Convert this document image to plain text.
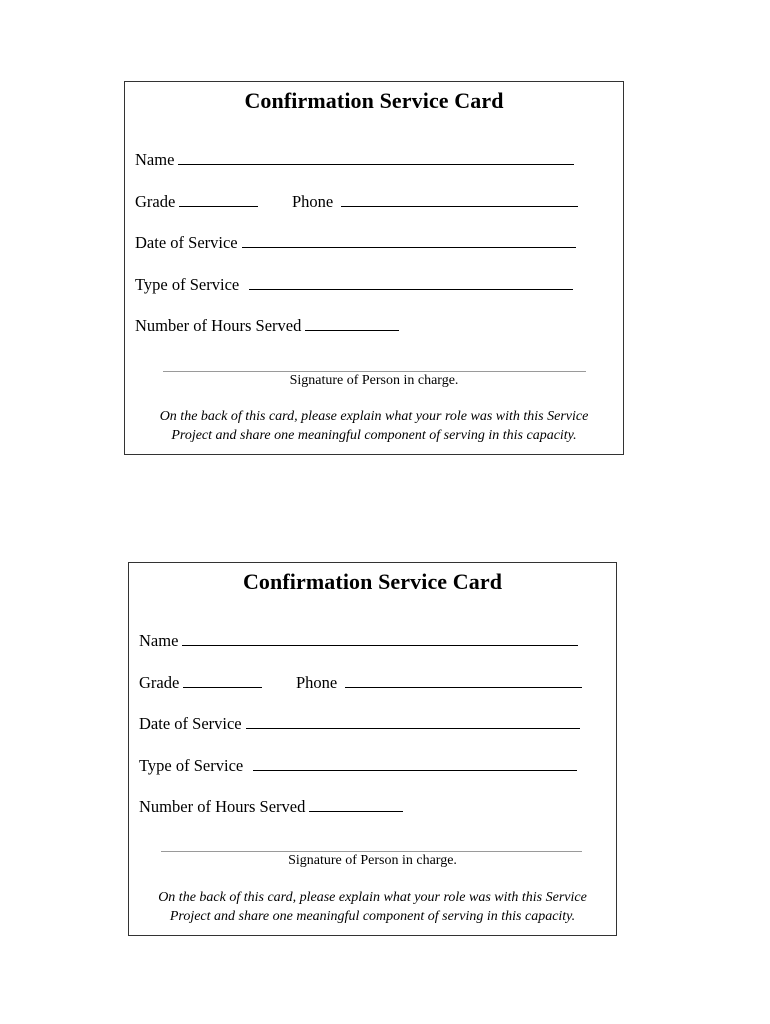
Confirmation Service Card
Name
Grade	Phone
Date of Service
Type of Service
Number of Hours Served
Signature of Person in charge.
On the back of this card, please explain what your role was with this Service
Project and share one meaningful component of serving in this capacity.
Confirmation Service Card
Name
Grade	Phone
Date of Service
Type of Service
Number of Hours Served
Signature of Person in charge.
On the back of this card, please explain what your role was with this Service
Project and share one meaningful component of serving in this capacity.
